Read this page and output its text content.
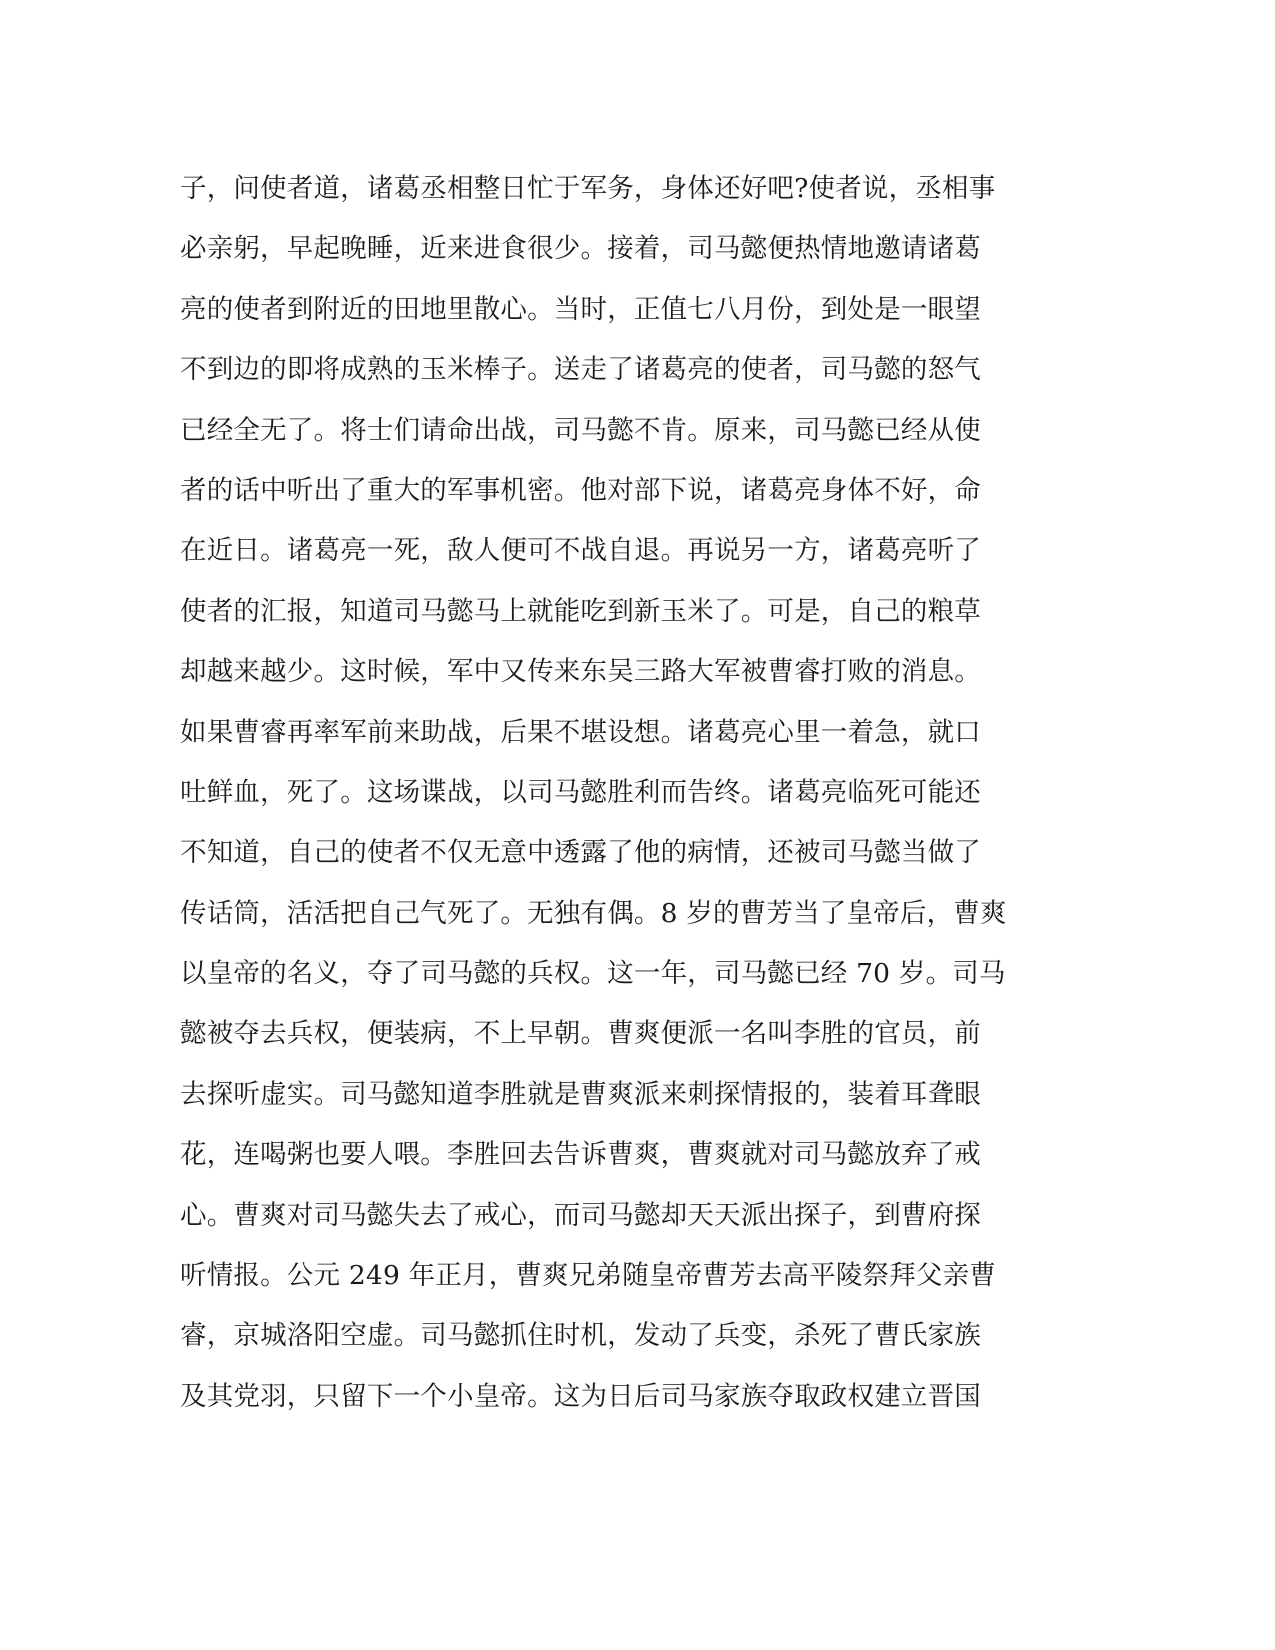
子，问使者道，诸葛丞相整日忙于军务，身体还好吧?使者说，丞相事
必亲躬，早起晚睡，近来进食很少。接着，司马懿便热情地邀请诸葛
亮的使者到附近的田地里散心。当时，正值七八月份，到处是一眼望
不到边的即将成熟的玉米棒子。送走了诸葛亮的使者，司马懿的怒气
已经全无了。将士们请命出战，司马懿不肯。原来，司马懿已经从使
者的话中听出了重大的军事机密。他对部下说，诸葛亮身体不好，命
在近日。诸葛亮一死，敌人便可不战自退。再说另一方，诸葛亮听了
使者的汇报，知道司马懿马上就能吃到新玉米了。可是，自己的粮草
却越来越少。这时候，军中又传来东吴三路大军被曹睿打败的消息。
如果曹睿再率军前来助战，后果不堪设想。诸葛亮心里一着急，就口
吐鲜血，死了。这场谍战，以司马懿胜利而告终。诸葛亮临死可能还
不知道，自己的使者不仅无意中透露了他的病情，还被司马懿当做了
传话筒，活活把自己气死了。无独有偶。8 岁的曹芳当了皇帝后，曹爽
以皇帝的名义，夺了司马懿的兵权。这一年，司马懿已经 70 岁。司马
懿被夺去兵权，便装病，不上早朝。曹爽便派一名叫李胜的官员，前
去探听虚实。司马懿知道李胜就是曹爽派来刺探情报的，装着耳聋眼
花，连喝粥也要人喂。李胜回去告诉曹爽，曹爽就对司马懿放弃了戒
心。曹爽对司马懿失去了戒心，而司马懿却天天派出探子，到曹府探
听情报。公元 249 年正月，曹爽兄弟随皇帝曹芳去高平陵祭拜父亲曹
睿，京城洛阳空虚。司马懿抓住时机，发动了兵变，杀死了曹氏家族
及其党羽，只留下一个小皇帝。这为日后司马家族夺取政权建立晋国
